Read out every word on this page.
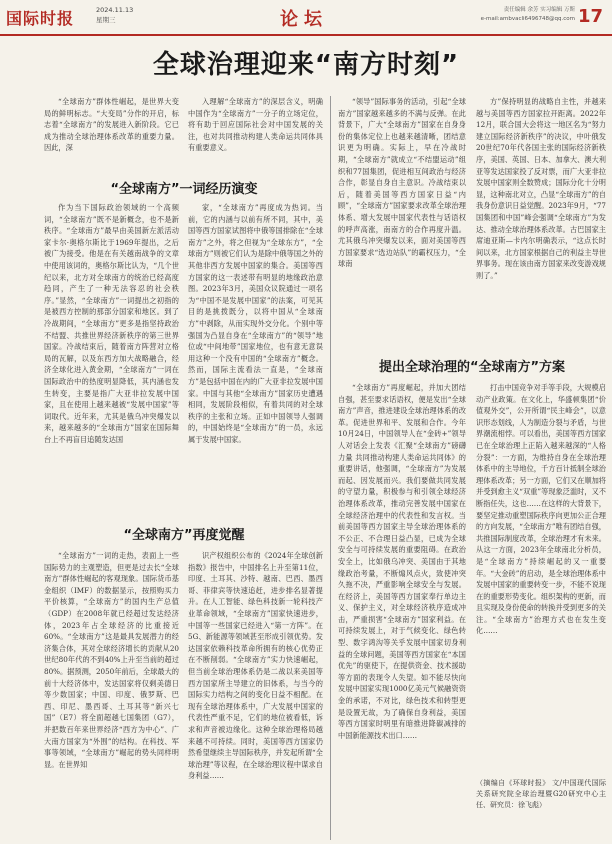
国际时报	2024.11.13
星期三	论坛	责任编辑 余芳 实习编辑 万斯
e-mail:ambvacli6496748@qq.com 17
全球治理迎来“南方时刻”

“全球南方”群体性崛起，是世界大变局的鲜明标志。“大变局”分作的开启，标志着“全球南方”的发展进入新阶段。它已成为推动全球治理体系改革的重要力量。因此，深

入理解“全球南方”的深层含义，明确中国作为“全球南方”一分子的立场定位，将有助于回应国际社会对中国发展的关注，也对共同推动构建人类命运共同体具有重要意义。

“全球南方”一词经历演变

作为当下国际政治领域的一个高频词，“全球南方”既不是新概念，也不是新秩序。“全球南方”最早由美国新左派活动家卡尔·奥格尔斯比于1969年提出，之后被广为接受。他是在有关越南战争的文章中使用该词的，奥格尔斯比认为，“几个世纪以来，北方对全球南方的统治已经高度趋同，产生了一种无法容忍的社会秩序。”显然，“全球南方”一词提出之初指的是被西方控制的那部分国家和地区。到了冷战期间，“全球南方”更多是指坚持政治不结盟、共推世界经济新秩序的第三世界国家。冷战结束后，随着南方阵营对立格局的瓦解，以及东西方加大战略融合，经济全球化进入黄金期，“全球南方”一词在国际政治中的热度明显降低，其内涵也发生转变，主要是指广大亚非拉发展中国家，且在使用上越来越被“发展中国家”等词取代。近年来，尤其是俄乌冲突爆发以来，越来越多的“全球南方”国家在国际舞台上不再盲目追随发达国

家，“全球南方”再度成为热词。当前，它的内涵与以前有所不同，其中，美国等西方国家试图将中俄等国排除在“全球南方”之外，将之但视为“全球东方”，“全球南方”则被它们认为是除中俄等国之外的其他非西方发展中国家的集合。美国等西方国家的这一表述带有明显的地缘政治意图。2023年3月，美国众议院通过一项名为“中国不是发展中国家”的法案，可见其目的是挑拨既分，以将中国从“全球南方”中剥除，从而实现外交分化。个别中等强国为凸显自身在“全球南方”的“领导”地位或“中间地带”国家地位，也有意无意误用这种一个没有中国的“全球南方”概念。然而，国际主流看法一直是，“全球南方”是包括中国在内的广大亚非拉发展中国家。中国与其他“全球南方”国家历史遭遇相同，发展阶段相似，有着共同的对全球秩序的主张和立场。正如中国领导人强调的，中国始终是“全球南方”的一员，永远属于发展中国家。

“全球南方”再度觉醒

“全球南方”一词的走热，表面上一些国际势力的主观塑造，但更是过去长“全球南方”群体性崛起的客观现象。国际货币基金组织（IMF）的数据显示，按照购买力平价核算，“全球南方”的国内生产总值（GDP）在2008年就已经超过发达经济体，2023年占全球经济的比重接近60%。“全球南方”这是最具发展潜力的经济集合体，其对全球经济增长的贡献从20世纪80年代的不到40%上升至当前的超过80%。据预测，2050年前后，全球最大的前十大经济体中，发达国家将仅剩美德日等少数国家；中国、印度、俄罗斯、巴西、印尼、墨西哥、土耳其等“新兴七国”（E7）将全面超越七国集团（G7），并把数百年来世界经济“西方为中心”、广大南方国家为“外围”的结构。在科技、军事等领域，“全球南方”崛起的势头同样明显。在世界知

识产权组织公布的《2024年全球创新指数》报告中，中国排名上升至第11位，印度、土耳其、沙特、越南、巴西、墨西哥、菲律宾等快速追赶，进步排名显著提升。在人工智能、绿色科技新一轮科技产业革命领域，“全球南方”国家快速进步，中国等一些国家已经进入“第一方阵”。在5G、新能源等领域甚至形成引领优势。发达国家依赖科技革命所拥有的核心优势正在不断削弱。“全球南方”实力快速崛起，但当前全球治理体系仍是二战以来美国等西方国家所主导建立的旧体系，与当今的国际实力结构之间的变化日益不相配。在现有全球治理体系中，广大发展中国家的代表性严重不足，它们的地位被看低，诉求和声音被边缘化。这种全球治理格局越来越不可持续。同时，美国等西方国家仍然希望继续主导国际秩序，并发起所谓“全球治理”等议程，在全球治理议程中谋求自身利益……

“领导”国际事务的活动，引起“全球南方”国家越来越多的不满与反弹。在此背景下，广大“全球南方”国家在自身身份的集体定位上也越来越清晰，团结意识更为明确。实际上，早在冷战时期，“全球南方”就成立“不结盟运动”组织和77国集团，促进相互间政治与经济合作，彰显自身自主意识。冷战结束以后，随着美国等西方国家日益“内顾”，“全球南方”国家要求改革全球治理体系、增大发展中国家代表性与话语权的呼声高涨，南南方的合作再度升温。尤其俄乌冲突爆发以来，面对美国等西方国家要求“选边站队”的霸权压力，“全球南

方”保持明显的战略自主性，并越来越与美国等西方国家拉开距离。2022年12月，联合国大会将这一地区名为“努力建立国际经济新秩序”的决议，中叶俄发20世纪70年代各国主张的国际经济新秩序，美国、英国、日本、加拿大、澳大利亚等发达国家投了反对票，而广大亚非拉发展中国家则全数赞成；国际分化十分明显，这种南北对立，凸显“全球南方”的自我身份意识日益觉醒。2023年9月，“77国集团和中国”峰会强调“全球南方”为发达、推动全球治理体系改革。古巴国家主席迪亚斯—卡内尔明确表示，“这点长时间以来，北方国家根据自己的利益主导世界事务。现在该由南方国家来改变游戏规则了。”

提出全球治理的“全球南方”方案

“全球南方”再度崛起，并加大团结自强，甚至要求话语权，便是发出“全球南方”声音，推进建设全球治理体系的改革。促进世界和平、发展和合作。今年10月24日，中国领导人在“金砖+”领导人对话会上发表《汇聚“全球南方”磅礴力量 共同推动构建人类命运共同体》的重要讲话，他强调，“全球南方”为发展而起、因发展而兴。我们要做共同发展的守望力量，积极参与和引领全球经济治理体系改革，推动完善发展中国家在全球经济治理中的代表性和发言权。当前美国等西方国家主导全球治理体系的不公正、不合理日益凸显，已成为全球安全与可持续发展的重要阻碍。在政治安全上，比如俄乌冲突、美国由于其地缘政治考量，不断煽风点火，致使冲突久拖不决，严重影响全球安全与发展。在经济上，美国等西方国家奉行单边主义、保护主义，对全球经济秩序造成冲击，严重损害“全球南方”国家利益。在可持续发展上，对于气候变化、绿色转型、数字鸿沟等关乎发展中国家切身利益的全球问题，美国等西方国家在“本国优先”的驱使下，在提供资金、技术援助等方面的表现令人失望。如不能尽快向发展中国家实现1000亿美元气候融资资金的承诺，不对比，绿色技术和转型更是设置无故，为了确保自身利益，美国等西方国家时明里有暗推进降碳减排的中国新能源技术出口……

打击中国竞争对手等手段，大规模启动产业政策。在文化上，华盛顿集团“价值观外交”，公开所谓“民主峰会”，以意识形态划线，人为制造分裂与矛盾，与世界潮流相悖。可以看出，美国等西方国家已在全球治理上正陷入越来越深的“人格分裂”：一方面，为维持自身在全球治理体系中的主导地位，千方百计抵制全球治理体系改革；另一方面，它们又在顺加将并受到愈主义“双重”等现象泛滥时，又不断指任失，这也……在这样的大背景下，要坚定推动重塑国际秩序向更加公正合理的方向发展，“全球南方”唯有团结自强，共推国际制度改革，全球治理才有未来。从这一方面，2023年全球南北分析员，是“全球南方”持续崛起的又一重要年。“大金砖”的启动，是全球治理体系中发展中国家的重要转变一步，不能不说现在的重要形势变化。组织架构的更新，而且实现及身份使命的转换并受到更多的关注。“全球南方”治理方式也在发生变化……

（摘编自《环球时报》 文/中国现代国际关系研究院全球治理暨G20研究中心主任、研究员：徐飞彪）
